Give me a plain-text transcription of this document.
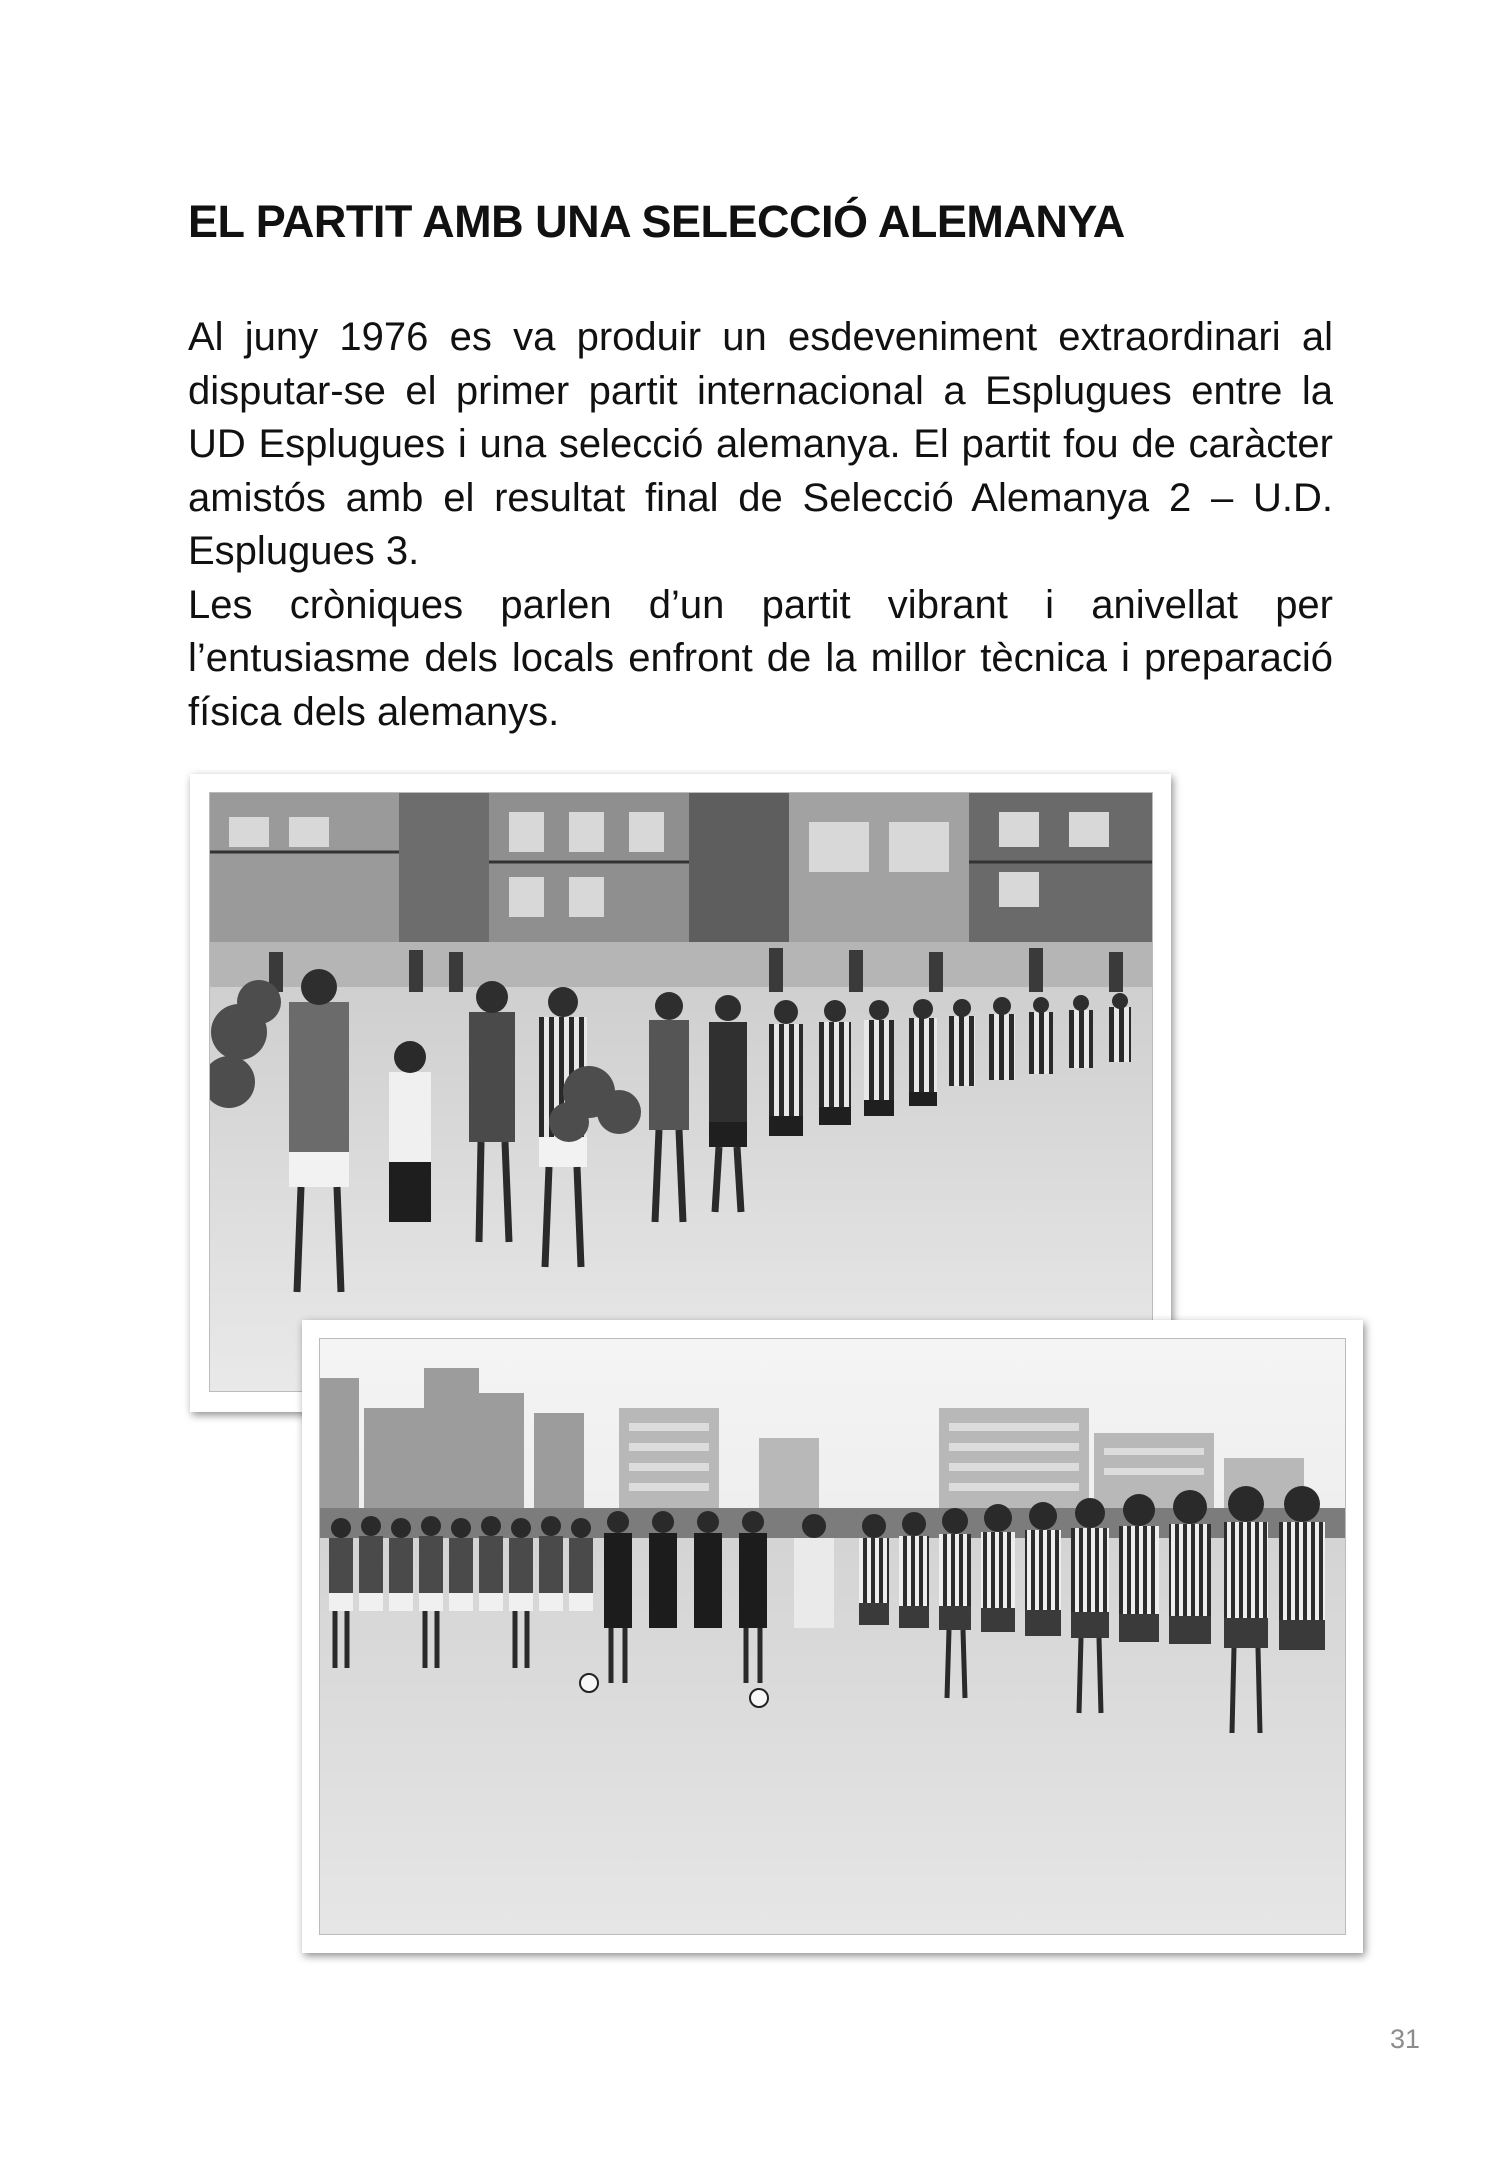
EL PARTIT AMB UNA SELECCIÓ ALEMANYA

Al juny 1976 es va produir un esdeveniment extraordinari al disputar-se el primer partit internacional a Esplugues entre la UD Esplugues i una selecció alemanya. El partit fou de caràcter amistós amb el resultat final de Selecció Alemanya 2 – U.D. Esplugues 3.

Les cròniques parlen d’un partit vibrant i anivellat per l’entusiasme dels locals enfront de la millor tècnica i preparació física dels alemanys.

31
